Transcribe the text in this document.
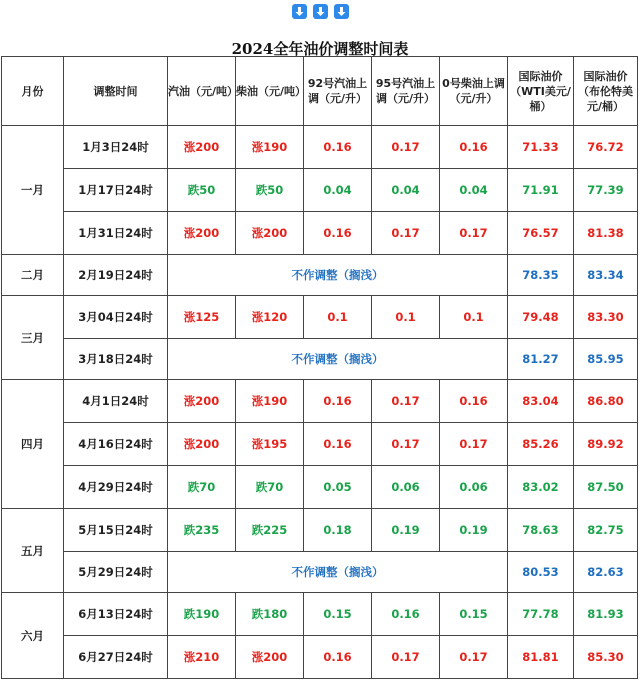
2024全年油价调整时间表
月份	调整时间	汽油（元/吨）	柴油（元/吨）	92号汽油上调（元/升）	95号汽油上调（元/升）	0号柴油上调（元/升）	国际油价（WTI美元/桶）	国际油价（布伦特美元/桶）
一月	1月3日24时	涨200	涨190	0.16	0.17	0.16	71.33	76.72
	1月17日24时	跌50	跌50	0.04	0.04	0.04	71.91	77.39
	1月31日24时	涨200	涨200	0.16	0.17	0.17	76.57	81.38
二月	2月19日24时	不作调整（搁浅）					78.35	83.34
三月	3月04日24时	涨125	涨120	0.1	0.1	0.1	79.48	83.30
	3月18日24时	不作调整（搁浅）					81.27	85.95
四月	4月1日24时	涨200	涨190	0.16	0.17	0.16	83.04	86.80
	4月16日24时	涨200	涨195	0.16	0.17	0.17	85.26	89.92
	4月29日24时	跌70	跌70	0.05	0.06	0.06	83.02	87.50
五月	5月15日24时	跌235	跌225	0.18	0.19	0.19	78.63	82.75
	5月29日24时	不作调整（搁浅）					80.53	82.63
六月	6月13日24时	跌190	跌180	0.15	0.16	0.15	77.78	81.93
	6月27日24时	涨210	涨200	0.16	0.17	0.17	81.81	85.30
